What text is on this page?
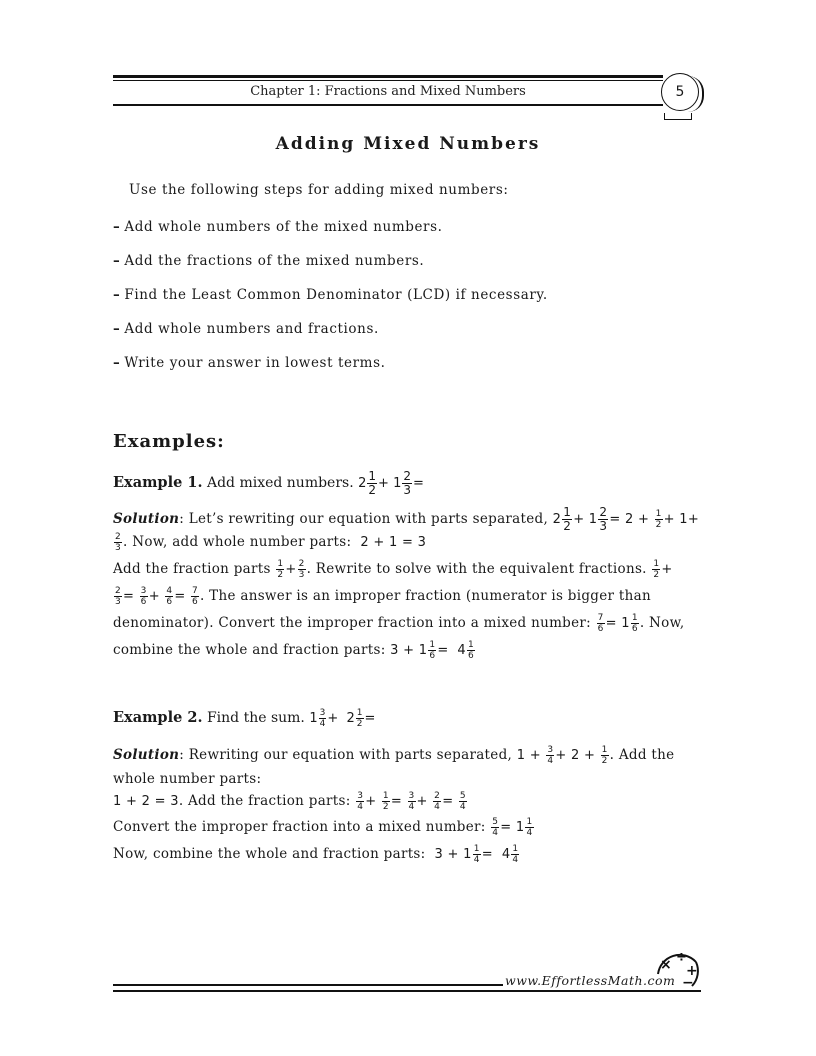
Chapter 1: Fractions and Mixed Numbers	5
Adding Mixed Numbers
Use the following steps for adding mixed numbers:
– Add whole numbers of the mixed numbers.
– Add the fractions of the mixed numbers.
– Find the Least Common Denominator (LCD) if necessary.
– Add whole numbers and fractions.
– Write your answer in lowest terms.
Examples:
Example 1. Add mixed numbers. $2 \frac{1}{2} + 1 \frac{2}{3}$ =
Solution: Let’s rewriting our equation with parts separated, $2 \frac{1}{2} + 1 \frac{2}{3} = 2 + \frac{1}{2} + 1+$
$\frac{2}{3}$ . Now, add whole number parts:  2 + 1 = 3
Add the fraction parts $\frac{1}{2} + \frac{2}{3}$ . Rewrite to solve with the equivalent fractions. $\frac{1}{2}$ +
$\frac{2}{3} = \frac{3}{6} + \frac{4}{6} = \frac{7}{6}$ . The answer is an improper fraction (numerator is bigger than
denominator). Convert the improper fraction into a mixed number: $\frac{7}{6} = 1 \frac{1}{6}$ . Now,
combine the whole and fraction parts: $3 + 1 \frac{1}{6} = 4 \frac{1}{6}$
Example 2. Find the sum. $1 \frac{3}{4} + 2 \frac{1}{2}$ =
Solution: Rewriting our equation with parts separated, $1 + \frac{3}{4} + 2 + \frac{1}{2}$ . Add the
whole number parts:
1 + 2 = 3. Add the fraction parts: $\frac{3}{4} + \frac{1}{2} = \frac{3}{4} + \frac{2}{4} = \frac{5}{4}$
Convert the improper fraction into a mixed number: $\frac{5}{4} = 1 \frac{1}{4}$
Now, combine the whole and fraction parts:  $3 + 1 \frac{1}{4} = 4 \frac{1}{4}$
www.EffortlessMath.com
× ÷
+
−
